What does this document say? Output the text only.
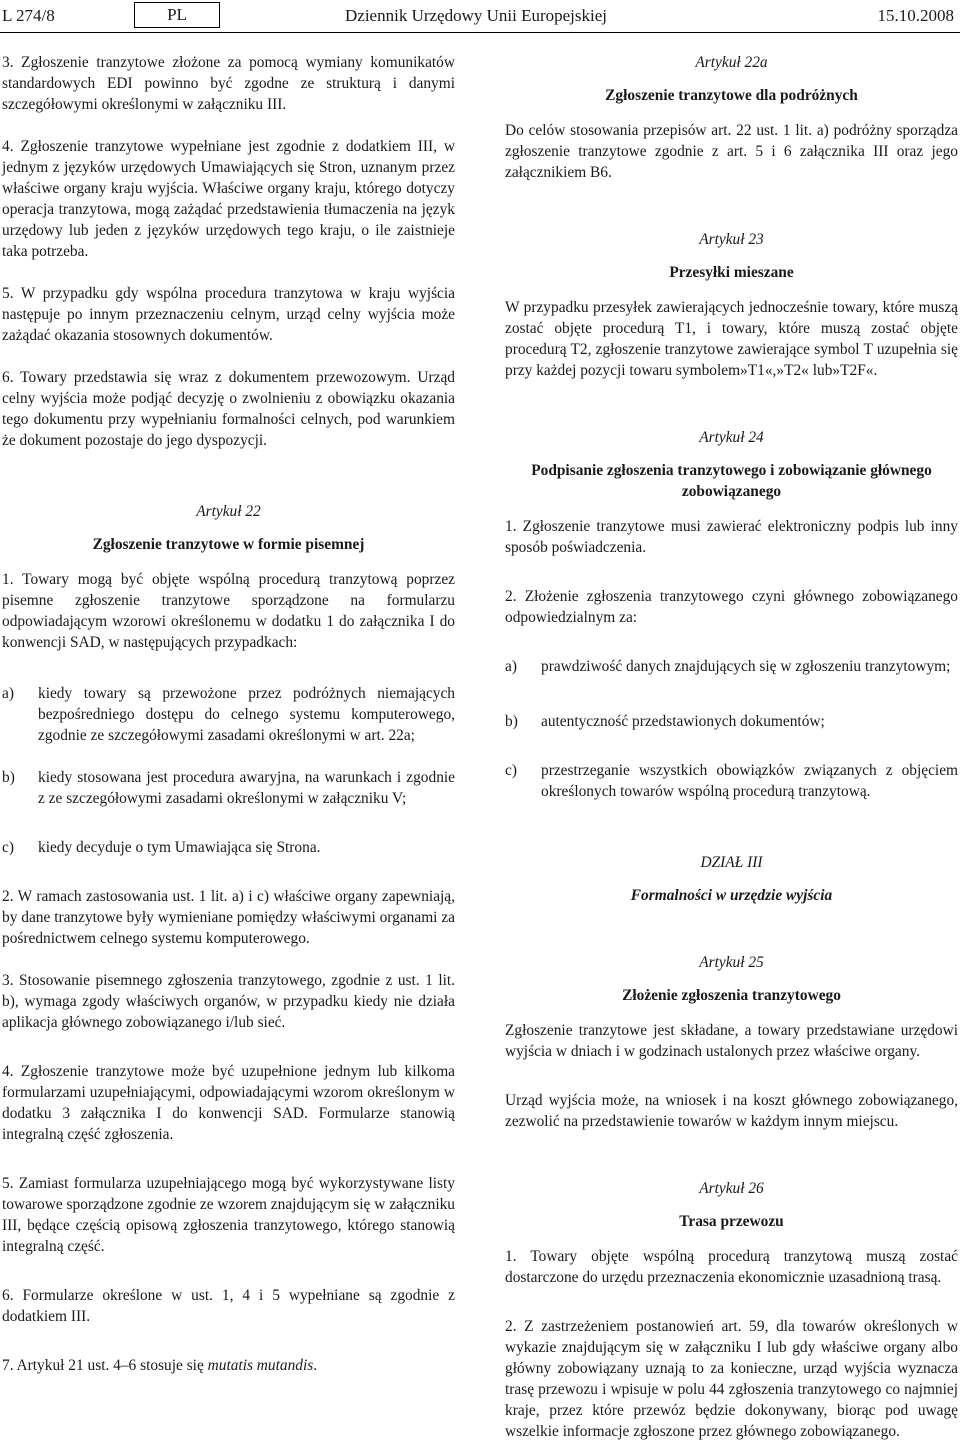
L 274/8	PL	Dziennik Urzędowy Unii Europejskiej	15.10.2008

3. Zgłoszenie tranzytowe złożone za pomocą wymiany komunikatów standardowych EDI powinno być zgodne ze strukturą i danymi szczegółowymi określonymi w załączniku III.

4. Zgłoszenie tranzytowe wypełniane jest zgodnie z dodatkiem III, w jednym z języków urzędowych Umawiających się Stron, uznanym przez właściwe organy kraju wyjścia. Właściwe organy kraju, którego dotyczy operacja tranzytowa, mogą zażądać przedstawienia tłumaczenia na język urzędowy lub jeden z języków urzędowych tego kraju, o ile zaistnieje taka potrzeba.

5. W przypadku gdy wspólna procedura tranzytowa w kraju wyjścia następuje po innym przeznaczeniu celnym, urząd celny wyjścia może zażądać okazania stosownych dokumentów.

6. Towary przedstawia się wraz z dokumentem przewozowym. Urząd celny wyjścia może podjąć decyzję o zwolnieniu z obowiązku okazania tego dokumentu przy wypełnianiu formalności celnych, pod warunkiem że dokument pozostaje do jego dyspozycji.

Artykuł 22

Zgłoszenie tranzytowe w formie pisemnej

1. Towary mogą być objęte wspólną procedurą tranzytową poprzez pisemne zgłoszenie tranzytowe sporządzone na formularzu odpowiadającym wzorowi określonemu w dodatku 1 do załącznika I do konwencji SAD, w następujących przypadkach:

a) kiedy towary są przewożone przez podróżnych niemających bezpośredniego dostępu do celnego systemu komputerowego, zgodnie ze szczegółowymi zasadami określonymi w art. 22a;
b) kiedy stosowana jest procedura awaryjna, na warunkach i zgodnie z ze szczegółowymi zasadami określonymi w załączniku V;
c) kiedy decyduje o tym Umawiająca się Strona.

2. W ramach zastosowania ust. 1 lit. a) i c) właściwe organy zapewniają, by dane tranzytowe były wymieniane pomiędzy właściwymi organami za pośrednictwem celnego systemu komputerowego.

3. Stosowanie pisemnego zgłoszenia tranzytowego, zgodnie z ust. 1 lit. b), wymaga zgody właściwych organów, w przypadku kiedy nie działa aplikacja głównego zobowiązanego i/lub sieć.

4. Zgłoszenie tranzytowe może być uzupełnione jednym lub kilkoma formularzami uzupełniającymi, odpowiadającymi wzorom określonym w dodatku 3 załącznika I do konwencji SAD. Formularze stanowią integralną część zgłoszenia.

5. Zamiast formularza uzupełniającego mogą być wykorzystywane listy towarowe sporządzone zgodnie ze wzorem znajdującym się w załączniku III, będące częścią opisową zgłoszenia tranzytowego, którego stanowią integralną część.

6. Formularze określone w ust. 1, 4 i 5 wypełniane są zgodnie z dodatkiem III.

7. Artykuł 21 ust. 4–6 stosuje się mutatis mutandis.

Artykuł 22a

Zgłoszenie tranzytowe dla podróżnych

Do celów stosowania przepisów art. 22 ust. 1 lit. a) podróżny sporządza zgłoszenie tranzytowe zgodnie z art. 5 i 6 załącznika III oraz jego załącznikiem B6.

Artykuł 23

Przesyłki mieszane

W przypadku przesyłek zawierających jednocześnie towary, które muszą zostać objęte procedurą T1, i towary, które muszą zostać objęte procedurą T2, zgłoszenie tranzytowe zawierające symbol T uzupełnia się przy każdej pozycji towaru symbolem»T1«,»T2« lub»T2F«.

Artykuł 24

Podpisanie zgłoszenia tranzytowego i zobowiązanie głównego zobowiązanego

1. Zgłoszenie tranzytowe musi zawierać elektroniczny podpis lub inny sposób poświadczenia.

2. Złożenie zgłoszenia tranzytowego czyni głównego zobowiązanego odpowiedzialnym za:

a) prawdziwość danych znajdujących się w zgłoszeniu tranzytowym;
b) autentyczność przedstawionych dokumentów;
c) przestrzeganie wszystkich obowiązków związanych z objęciem określonych towarów wspólną procedurą tranzytową.

DZIAŁ III

Formalności w urzędzie wyjścia

Artykuł 25

Złożenie zgłoszenia tranzytowego

Zgłoszenie tranzytowe jest składane, a towary przedstawiane urzędowi wyjścia w dniach i w godzinach ustalonych przez właściwe organy.

Urząd wyjścia może, na wniosek i na koszt głównego zobowiązanego, zezwolić na przedstawienie towarów w każdym innym miejscu.

Artykuł 26

Trasa przewozu

1. Towary objęte wspólną procedurą tranzytową muszą zostać dostarczone do urzędu przeznaczenia ekonomicznie uzasadnioną trasą.

2. Z zastrzeżeniem postanowień art. 59, dla towarów określonych w wykazie znajdującym się w załączniku I lub gdy właściwe organy albo główny zobowiązany uznają to za konieczne, urząd wyjścia wyznacza trasę przewozu i wpisuje w polu 44 zgłoszenia tranzytowego co najmniej kraje, przez które przewóz będzie dokonywany, biorąc pod uwagę wszelkie informacje zgłoszone przez głównego zobowiązanego.
